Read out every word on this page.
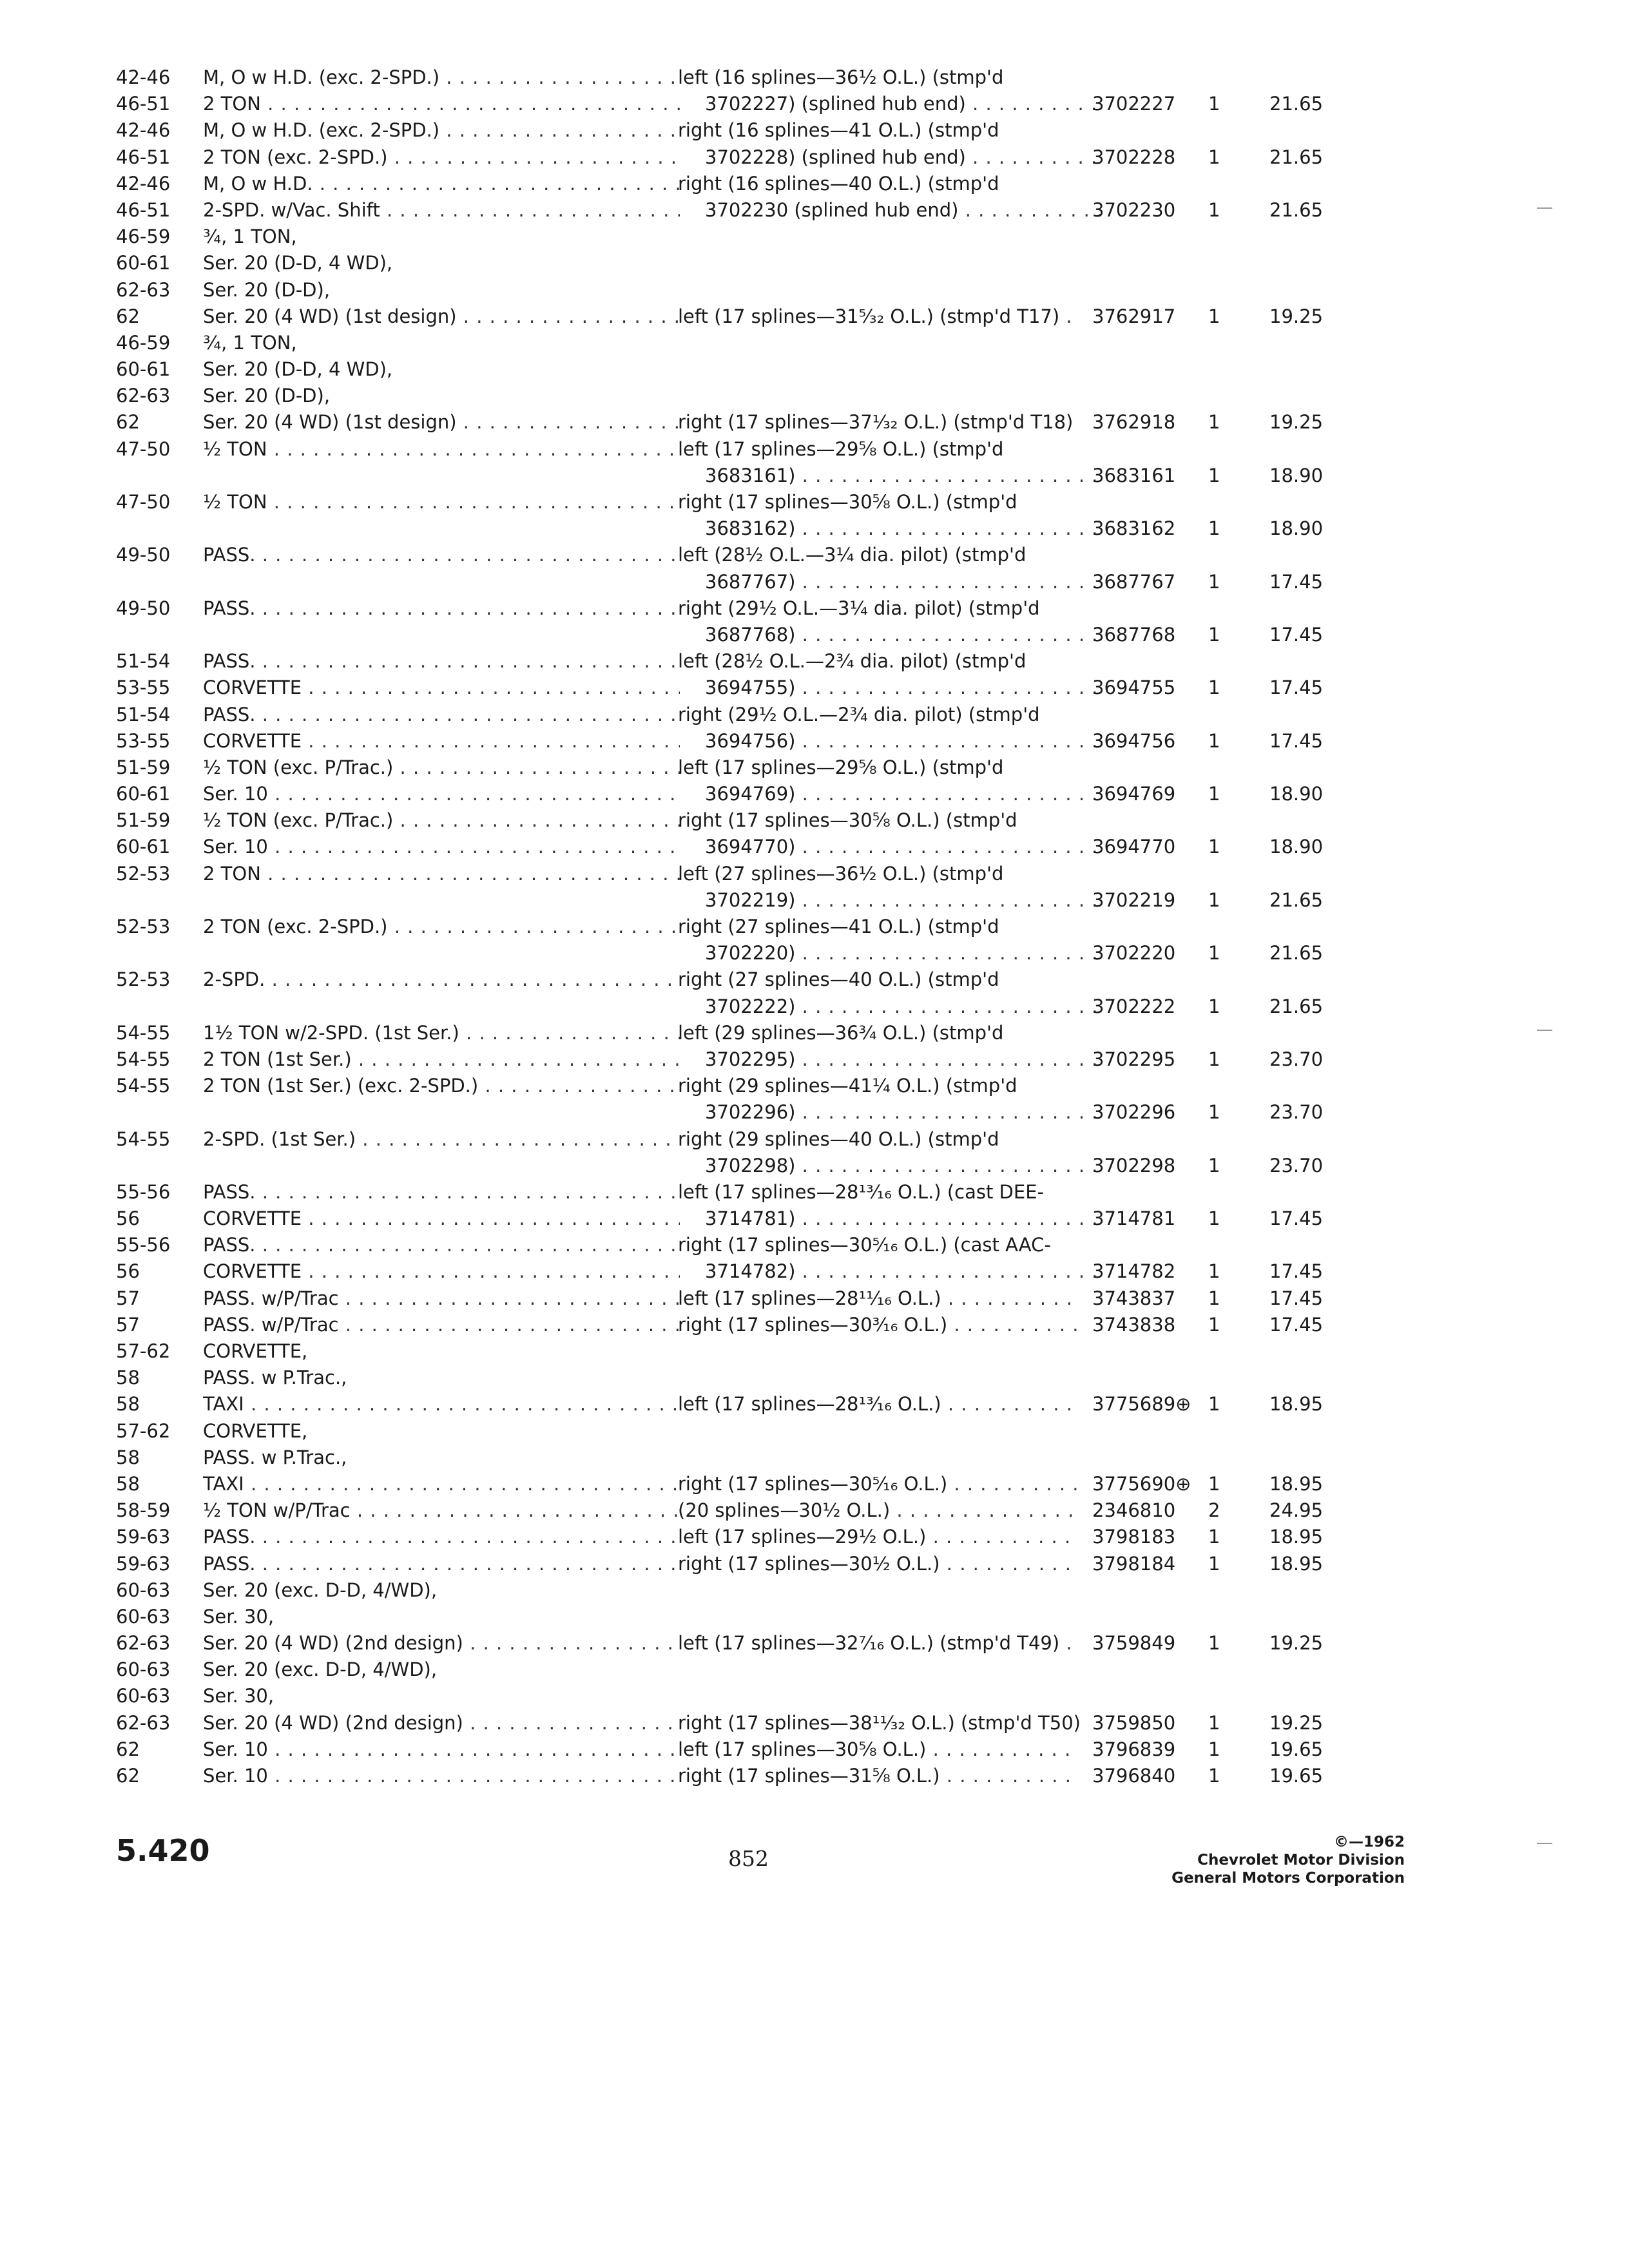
42-46	M, O w H.D. (exc. 2-SPD.) . . .	left (16 splines—36½ O.L.) (stmp'd
46-51	2 TON . . .	3702227) (splined hub end) . . .	3702227	1	21.65
42-46	M, O w H.D. (exc. 2-SPD.) . . .	right (16 splines—41 O.L.) (stmp'd
46-51	2 TON (exc. 2-SPD.) . . .	3702228) (splined hub end) . . .	3702228	1	21.65
42-46	M, O w H.D. . . .	right (16 splines—40 O.L.) (stmp'd
46-51	2-SPD. w/Vac. Shift . . .	3702230 (splined hub end) . . .	3702230	1	21.65
46-59	¾, 1 TON,
60-61	Ser. 20 (D-D, 4 WD),
62-63	Ser. 20 (D-D),
62	Ser. 20 (4 WD) (1st design) . . .	left (17 splines—31⁵⁄₃₂ O.L.) (stmp'd T17) . . .	3762917	1	19.25
46-59	¾, 1 TON,
60-61	Ser. 20 (D-D, 4 WD),
62-63	Ser. 20 (D-D),
62	Ser. 20 (4 WD) (1st design) . . .	right (17 splines—37¹⁄₃₂ O.L.) (stmp'd T18)	3762918	1	19.25
47-50	½ TON . . .	left (17 splines—29⅝ O.L.) (stmp'd
3683161) . . .	3683161	1	18.90
47-50	½ TON . . .	right (17 splines—30⅝ O.L.) (stmp'd
3683162) . . .	3683162	1	18.90
49-50	PASS. . . .	left (28½ O.L.—3¼ dia. pilot) (stmp'd
3687767) . . .	3687767	1	17.45
49-50	PASS. . . .	right (29½ O.L.—3¼ dia. pilot) (stmp'd
3687768) . . .	3687768	1	17.45
51-54	PASS. . . .	left (28½ O.L.—2¾ dia. pilot) (stmp'd
53-55	CORVETTE . . .	3694755) . . .	3694755	1	17.45
51-54	PASS. . . .	right (29½ O.L.—2¾ dia. pilot) (stmp'd
53-55	CORVETTE . . .	3694756) . . .	3694756	1	17.45
51-59	½ TON (exc. P/Trac.) . . .	left (17 splines—29⅝ O.L.) (stmp'd
60-61	Ser. 10 . . .	3694769) . . .	3694769	1	18.90
51-59	½ TON (exc. P/Trac.) . . .	right (17 splines—30⅝ O.L.) (stmp'd
60-61	Ser. 10 . . .	3694770) . . .	3694770	1	18.90
52-53	2 TON . . .	left (27 splines—36½ O.L.) (stmp'd
3702219) . . .	3702219	1	21.65
52-53	2 TON (exc. 2-SPD.) . . .	right (27 splines—41 O.L.) (stmp'd
3702220) . . .	3702220	1	21.65
52-53	2-SPD. . . .	right (27 splines—40 O.L.) (stmp'd
3702222) . . .	3702222	1	21.65
54-55	1½ TON w/2-SPD. (1st Ser.) . . .	left (29 splines—36¾ O.L.) (stmp'd
54-55	2 TON (1st Ser.) . . .	3702295) . . .	3702295	1	23.70
54-55	2 TON (1st Ser.) (exc. 2-SPD.) . . .	right (29 splines—41¼ O.L.) (stmp'd
3702296) . . .	3702296	1	23.70
54-55	2-SPD. (1st Ser.) . . .	right (29 splines—40 O.L.) (stmp'd
3702298) . . .	3702298	1	23.70
55-56	PASS. . . .	left (17 splines—28¹³⁄₁₆ O.L.) (cast DEE-
56	CORVETTE . . .	3714781) . . .	3714781	1	17.45
55-56	PASS. . . .	right (17 splines—30⁵⁄₁₆ O.L.) (cast AAC-
56	CORVETTE . . .	3714782) . . .	3714782	1	17.45
57	PASS. w/P/Trac . . .	left (17 splines—28¹¹⁄₁₆ O.L.) . . .	3743837	1	17.45
57	PASS. w/P/Trac . . .	right (17 splines—30³⁄₁₆ O.L.) . . .	3743838	1	17.45
57-62	CORVETTE,
58	PASS. w P.Trac.,
58	TAXI . . .	left (17 splines—28¹³⁄₁₆ O.L.) . . .	3775689⊕ 1	18.95
57-62	CORVETTE,
58	PASS. w P.Trac.,
58	TAXI . . .	right (17 splines—30⁵⁄₁₆ O.L.) . . .	3775690⊕ 1	18.95
58-59	½ TON w/P/Trac . . .	(20 splines—30½ O.L.) . . .	2346810	2	24.95
59-63	PASS. . . .	left (17 splines—29½ O.L.) . . .	3798183	1	18.95
59-63	PASS. . . .	right (17 splines—30½ O.L.) . . .	3798184	1	18.95
60-63	Ser. 20 (exc. D-D, 4/WD),
60-63	Ser. 30,
62-63	Ser. 20 (4 WD) (2nd design) . . .	left (17 splines—32⁷⁄₁₆ O.L.) (stmp'd T49) . . .	3759849	1	19.25
60-63	Ser. 20 (exc. D-D, 4/WD),
60-63	Ser. 30,
62-63	Ser. 20 (4 WD) (2nd design) . . .	right (17 splines—38¹¹⁄₃₂ O.L.) (stmp'd T50) 3759850	1	19.25
62	Ser. 10 . . .	left (17 splines—30⅝ O.L.) . . .	3796839	1	19.65
62	Ser. 10 . . .	right (17 splines—31⅝ O.L.) . . .	3796840	1	19.65
5.420	852
©—1962
Chevrolet Motor Division
General Motors Corporation
